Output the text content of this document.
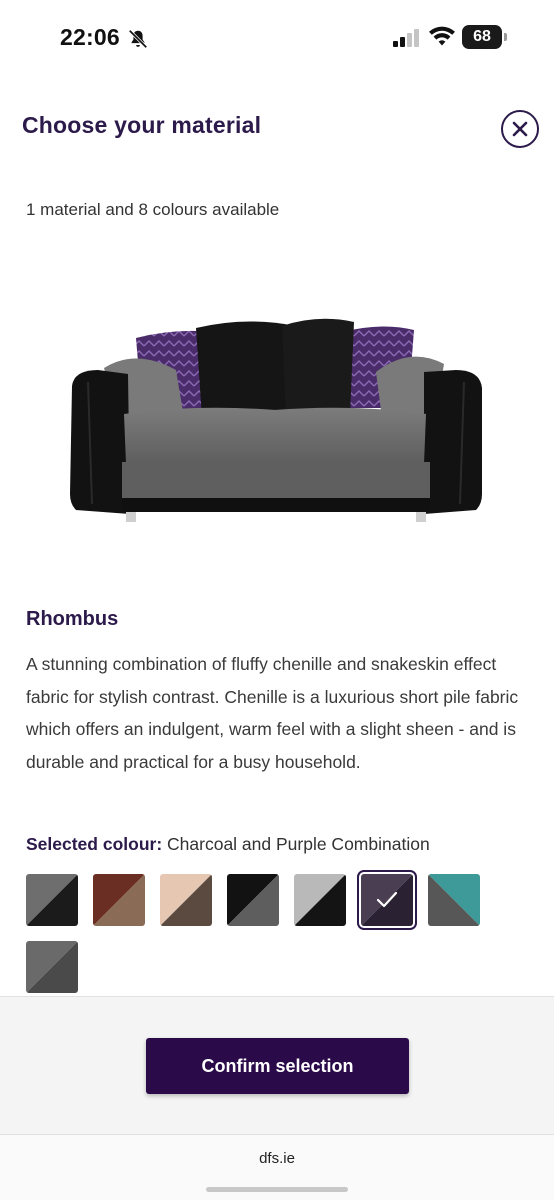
22:06	68
Choose your material

1 material and 8 colours available

Rhombus

A stunning combination of fluffy chenille and snakeskin effect fabric for stylish contrast. Chenille is a luxurious short pile fabric which offers an indulgent, warm feel with a slight sheen - and is durable and practical for a busy household.

Selected colour: Charcoal and Purple Combination

Confirm selection
dfs.ie
